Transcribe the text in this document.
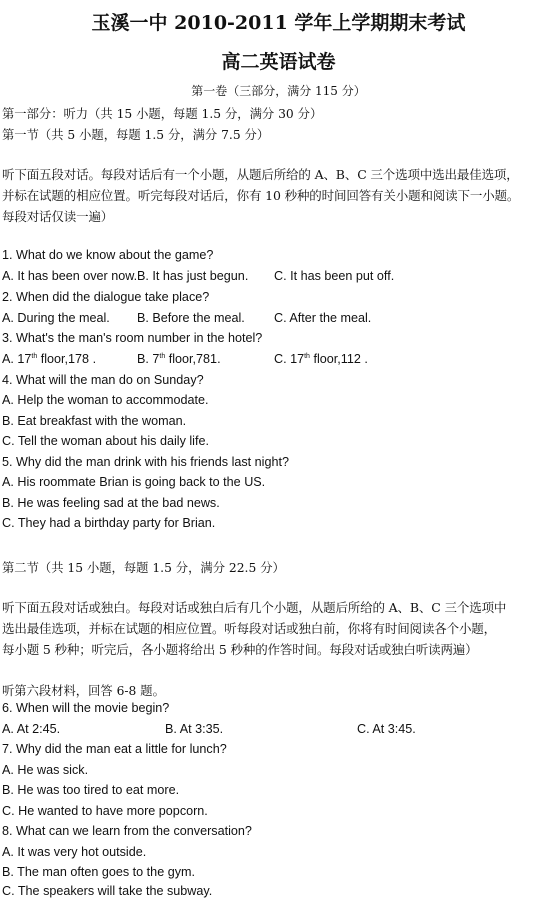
玉溪一中 2010-2011 学年上学期期末考试
高二英语试卷
第一卷（三部分，满分 115 分）
第一部分：听力（共 15 小题，每题 1.5 分，满分 30 分）
第一节（共 5 小题，每题 1.5 分，满分 7.5 分）
听下面五段对话。每段对话后有一个小题，从题后所给的 A、B、C 三个选项中选出最佳选项，
并标在试题的相应位置。听完每段对话后，你有 10 秒种的时间回答有关小题和阅读下一小题。
每段对话仅读一遍）
1. What do we know about the game?
A. It has been over now. B. It has just begun. C. It has been put off.
2. When did the dialogue take place?
A. During the meal. B. Before the meal. C. After the meal.
3. What's the man's room number in the hotel?
A. 17th floor,178 .	B. 7th floor,781.	C. 17th floor,112 .
4. What will the man do on Sunday?
A. Help the woman to accommodate.
B. Eat breakfast with the woman.
C. Tell the woman about his daily life.
5. Why did the man drink with his friends last night?
A. His roommate Brian is going back to the US.
B. He was feeling sad at the bad news.
C. They had a birthday party for Brian.
第二节（共 15 小题，每题 1.5 分，满分 22.5 分）
听下面五段对话或独白。每段对话或独白后有几个小题，从题后所给的 A、B、C 三个选项中
选出最佳选项，并标在试题的相应位置。听每段对话或独白前，你将有时间阅读各个小题，
每小题 5 秒种；听完后，各小题将给出 5 秒种的作答时间。每段对话或独白听读两遍）
听第六段材料，回答 6-8 题。
6. When will the movie begin?
A. At 2:45.	B. At 3:35.	C. At 3:45.
7. Why did the man eat a little for lunch?
A. He was sick.
B. He was too tired to eat more.
C. He wanted to have more popcorn.
8. What can we learn from the conversation?
A. It was very hot outside.
B. The man often goes to the gym.
C. The speakers will take the subway.
